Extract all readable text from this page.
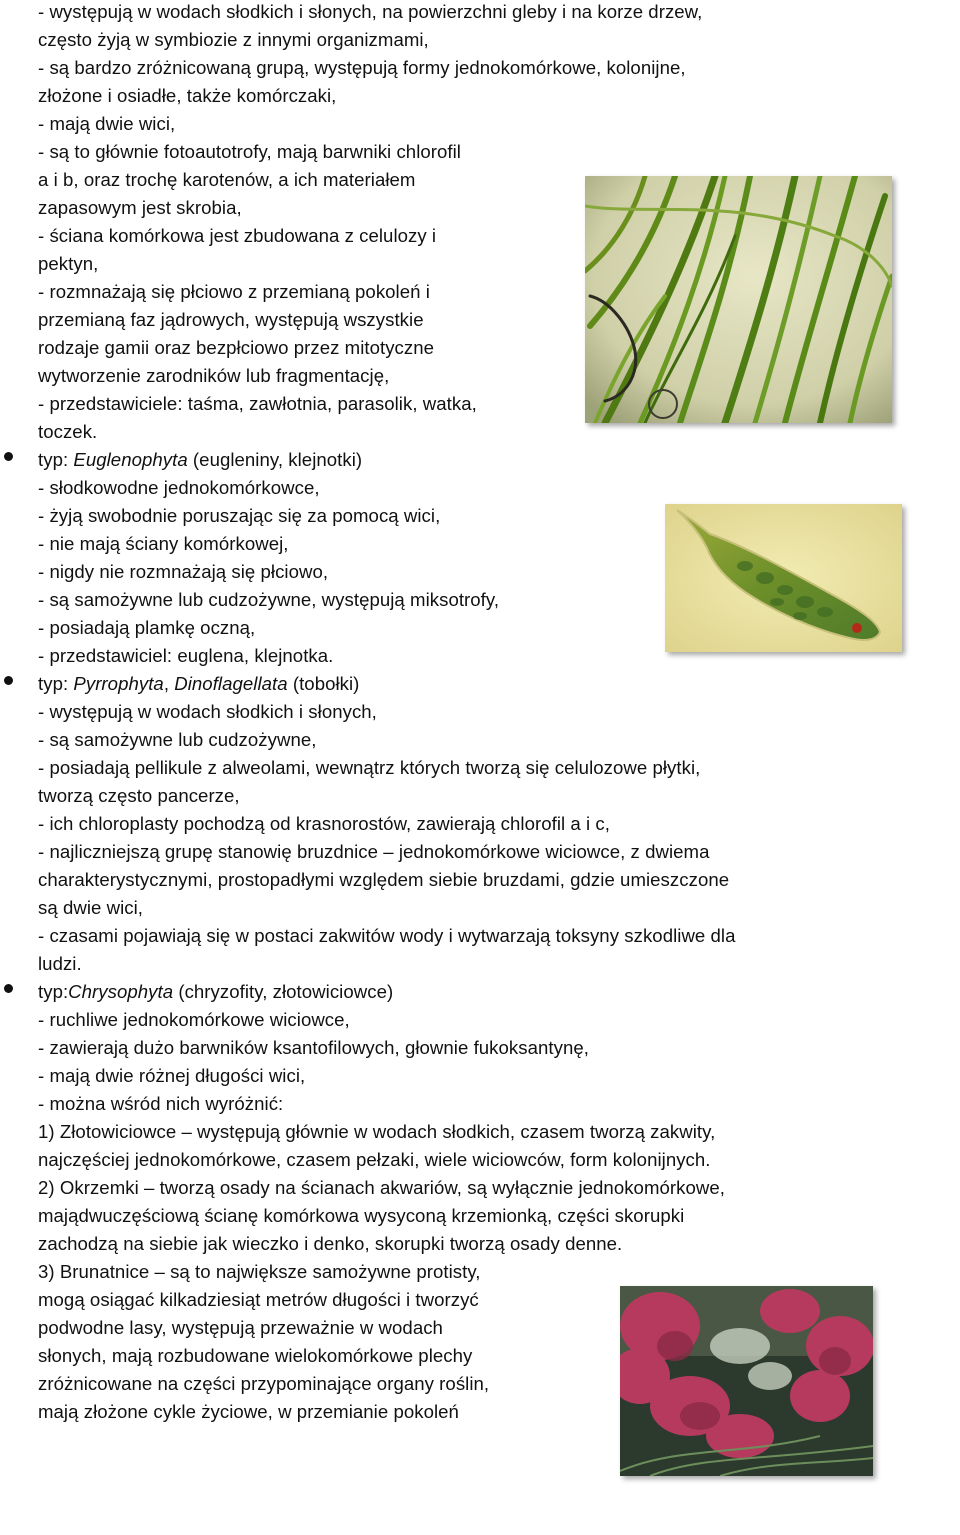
- występują w wodach słodkich i słonych, na powierzchni gleby i na korze drzew,
często żyją w symbiozie z innymi organizmami,
- są bardzo zróżnicowaną grupą, występują formy jednokomórkowe, kolonijne,
złożone i osiadłe, także komórczaki,
- mają dwie wici,
- są to głównie fotoautotrofy, mają barwniki chlorofil
a i b, oraz trochę karotenów, a ich materiałem
zapasowym jest skrobia,
- ściana komórkowa jest zbudowana z celulozy i
pektyn,
- rozmnażają się płciowo z przemianą pokoleń i
przemianą faz jądrowych, występują wszystkie
rodzaje gamii oraz bezpłciowo przez mitotyczne
wytworzenie zarodników lub fragmentację,
- przedstawiciele: taśma, zawłotnia, parasolik, watka,
toczek.
typ: Euglenophyta (eugleniny, klejnotki)
- słodkowodne jednokomórkowce,
- żyją swobodnie poruszając się za pomocą wici,
- nie mają ściany komórkowej,
- nigdy nie rozmnażają się płciowo,
- są samożywne lub cudzożywne, występują miksotrofy,
- posiadają plamkę oczną,
- przedstawiciel: euglena, klejnotka.
typ: Pyrrophyta, Dinoflagellata (tobołki)
- występują w wodach słodkich i słonych,
- są samożywne lub cudzożywne,
- posiadają pellikule z alweolami, wewnątrz których tworzą się celulozowe płytki,
tworzą często pancerze,
- ich chloroplasty pochodzą od krasnorostów, zawierają chlorofil a i c,
- najliczniejszą grupę stanowię bruzdnice – jednokomórkowe wiciowce, z dwiema
charakterystycznymi, prostopadłymi względem siebie bruzdami, gdzie umieszczone
są dwie wici,
- czasami pojawiają się w postaci zakwitów wody i wytwarzają toksyny szkodliwe dla
ludzi.
typ:Chrysophyta (chryzofity, złotowiciowce)
- ruchliwe jednokomórkowe wiciowce,
- zawierają dużo barwników ksantofilowych, głownie fukoksantynę,
- mają dwie różnej długości wici,
- można wśród nich wyróżnić:
1) Złotowiciowce – występują głównie w wodach słodkich, czasem tworzą zakwity,
najczęściej jednokomórkowe, czasem pełzaki, wiele wiciowców, form kolonijnych.
2) Okrzemki – tworzą osady na ścianach akwariów, są wyłącznie jednokomórkowe,
majądwuczęściową ścianę komórkowa wysyconą krzemionką, części skorupki
zachodzą na siebie jak wieczko i denko, skorupki tworzą osady denne.
3) Brunatnice – są to największe samożywne protisty,
mogą osiągać kilkadziesiąt metrów długości i tworzyć
podwodne lasy, występują przeważnie w wodach
słonych, mają rozbudowane wielokomórkowe plechy
zróżnicowane na części przypominające organy roślin,
mają złożone cykle życiowe, w przemianie pokoleń
